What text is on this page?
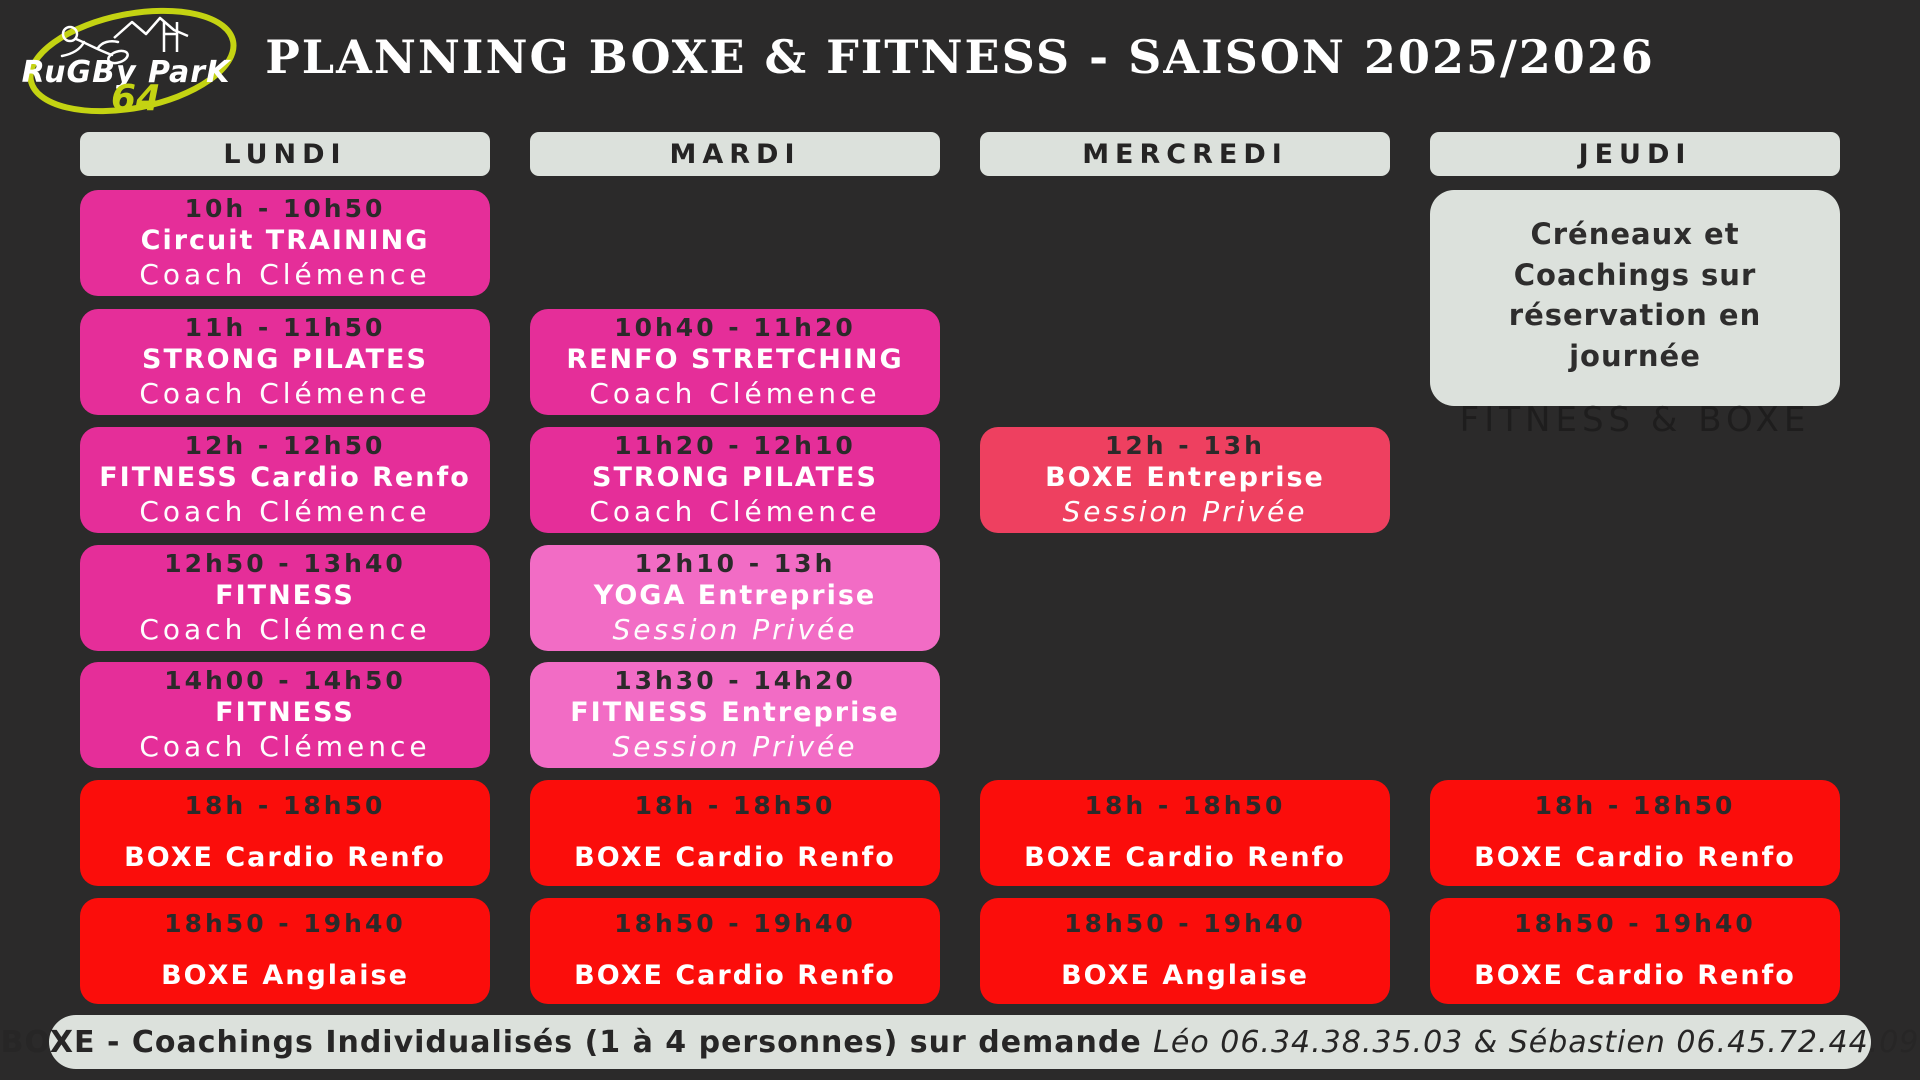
RuGBy ParK
64
PLANNING BOXE & FITNESS - SAISON 2025/2026
LUNDI
10h - 10h50
Circuit TRAINING
Coach Clémence
11h - 11h50
STRONG PILATES
Coach Clémence
12h - 12h50
FITNESS Cardio Renfo
Coach Clémence
12h50 - 13h40
FITNESS
Coach Clémence
14h00 - 14h50
FITNESS
Coach Clémence
18h - 18h50
BOXE Cardio Renfo
18h50 - 19h40
BOXE Anglaise
MARDI
10h40 - 11h20
RENFO STRETCHING
Coach Clémence
11h20 - 12h10
STRONG PILATES
Coach Clémence
12h10 - 13h
YOGA Entreprise
Session Privée
13h30 - 14h20
FITNESS Entreprise
Session Privée
18h - 18h50
BOXE Cardio Renfo
18h50 - 19h40
BOXE Cardio Renfo
MERCREDI
12h - 13h
BOXE Entreprise
Session Privée
18h - 18h50
BOXE Cardio Renfo
18h50 - 19h40
BOXE Anglaise
JEUDI
Créneaux et Coachings sur réservation en journée
FITNESS & BOXE
18h - 18h50
BOXE Cardio Renfo
18h50 - 19h40
BOXE Cardio Renfo
BOXE - Coachings Individualisés (1 à 4 personnes) sur demande Léo 06.34.38.35.03 & Sébastien 06.45.72.44.09
